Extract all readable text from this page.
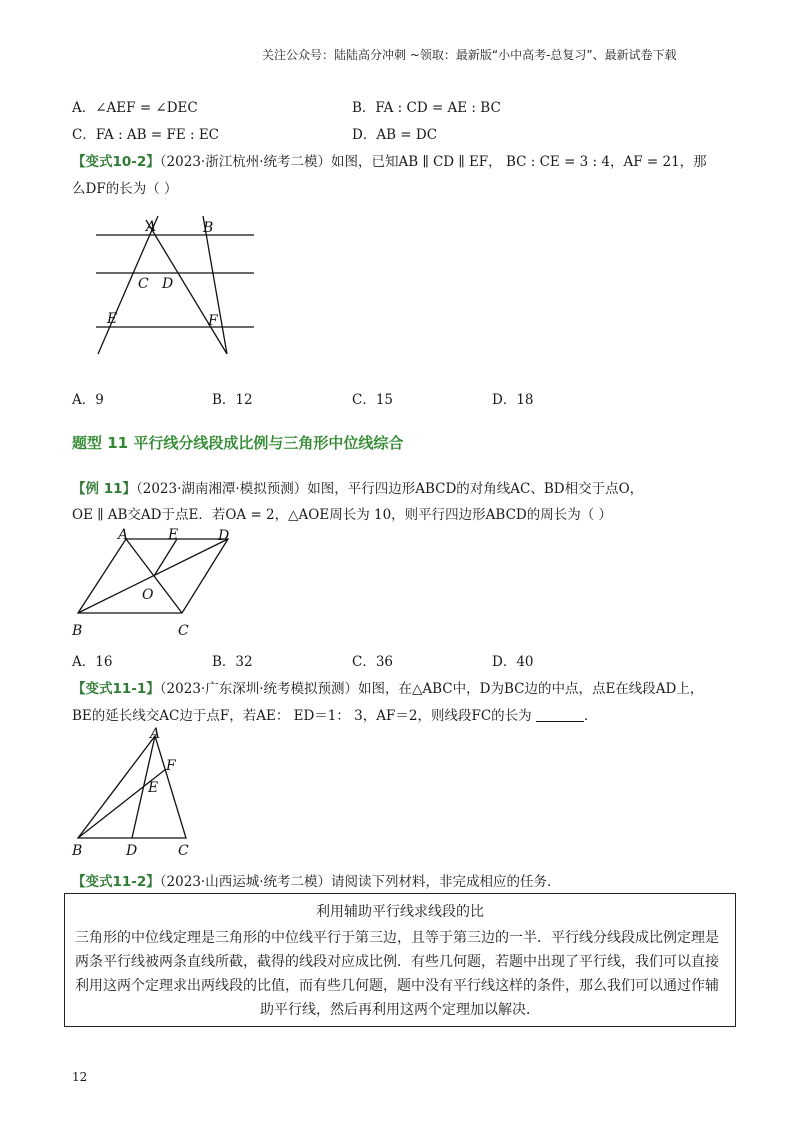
关注公众号：陆陆高分冲刺 ~领取：最新版“小中高考-总复习”、最新试卷下载
A．∠AEF = ∠DEC	B．FA : CD = AE : BC
C．FA : AB = FE : EC	D．AB = DC
【变式10-2】（2023·浙江杭州·统考二模）如图，已知AB ∥ CD ∥ EF， BC : CE = 3 : 4，AF = 21，那
么DF的长为（ ）
A	B
C D
E	F
A．9	B．12	C．15	D．18
题型 11 平行线分线段成比例与三角形中位线综合
【例 11】（2023·湖南湘潭·模拟预测）如图，平行四边形ABCD的对角线AC、BD相交于点O，
OE ∥ AB交AD于点E．若OA = 2，△AOE周长为 10，则平行四边形ABCD的周长为（ ）
A	E	D
O
B	C
A．16	B．32	C．36	D．40
【变式11-1】（2023·广东深圳·统考模拟预测）如图，在△ABC中，D为BC边的中点，点E在线段AD上，
BE的延长线交AC边于点F，若AE： ED＝1： 3，AF＝2，则线段FC的长为	．
A
F
E
B	D	C
【变式11-2】（2023·山西运城·统考二模）请阅读下列材料，非完成相应的任务．
利用辅助平行线求线段的比
三角形的中位线定理是三角形的中位线平行于第三边，且等于第三边的一半．平行线分线段成比例定理是
两条平行线被两条直线所截，截得的线段对应成比例．有些几何题，若题中出现了平行线，我们可以直接
利用这两个定理求出两线段的比值，而有些几何题，题中没有平行线这样的条件，那么我们可以通过作辅
助平行线，然后再利用这两个定理加以解决．
12
